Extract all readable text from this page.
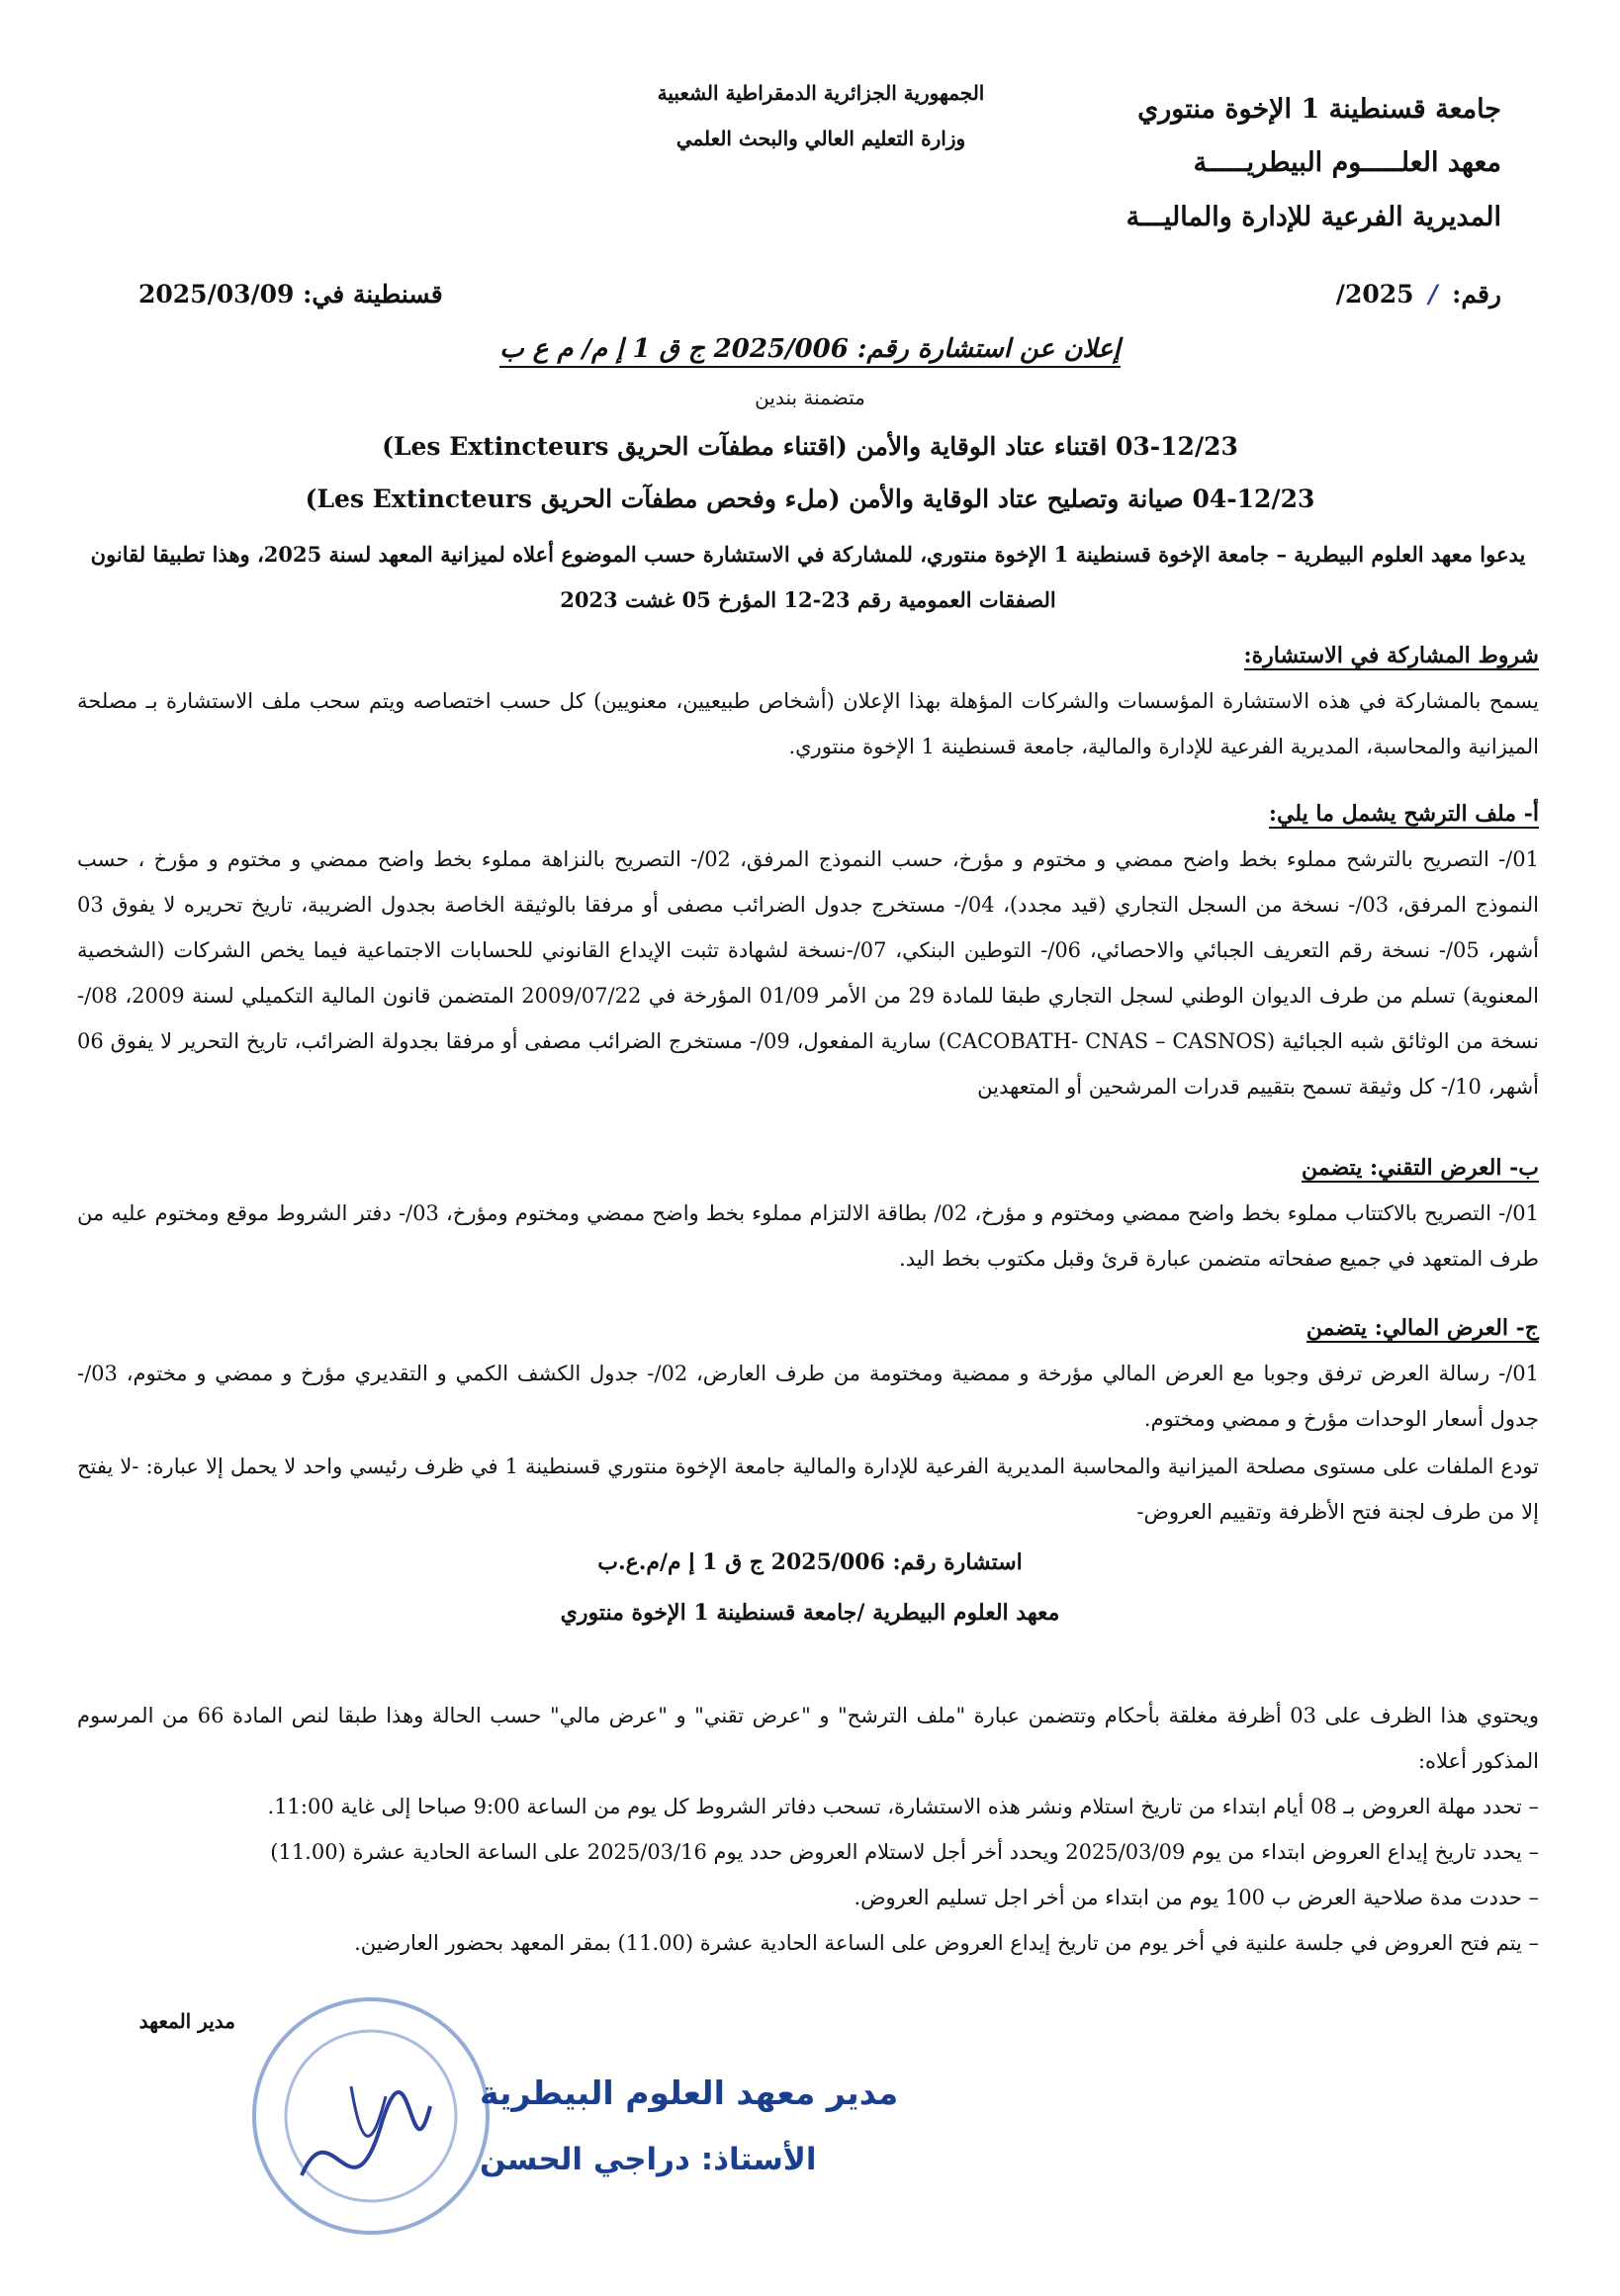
جامعة قسنطينة 1 الإخوة منتوري
معهد العلـــــوم البيطريـــــة
المديرية الفرعية للإدارة والماليـــة
الجمهورية الجزائرية الدمقراطية الشعبية
وزارة التعليم العالي والبحث العلمي
رقم: / 2025/
قسنطينة في: 2025/03/09
إعلان عن استشارة رقم: 2025/006 ج ق 1 إ م/ م ع ب
متضمنة بندين
03-12/23 اقتناء عتاد الوقاية والأمن (اقتناء مطفآت الحريق Les Extincteurs)
04-12/23 صيانة وتصليح عتاد الوقاية والأمن (ملء وفحص مطفآت الحريق Les Extincteurs)
يدعوا معهد العلوم البيطرية – جامعة الإخوة قسنطينة 1 الإخوة منتوري، للمشاركة في الاستشارة حسب الموضوع أعلاه لميزانية المعهد لسنة 2025، وهذا تطبيقا لقانون الصفقات العمومية رقم 23-12 المؤرخ 05 غشت 2023
شروط المشاركة في الاستشارة:
يسمح بالمشاركة في هذه الاستشارة المؤسسات والشركات المؤهلة بهذا الإعلان (أشخاص طبيعيين، معنويين) كل حسب اختصاصه ويتم سحب ملف الاستشارة بـ مصلحة الميزانية والمحاسبة، المديرية الفرعية للإدارة والمالية، جامعة قسنطينة 1 الإخوة منتوري.
أ- ملف الترشح يشمل ما يلي:
01/- التصريح بالترشح مملوء بخط واضح ممضي و مختوم و مؤرخ، حسب النموذج المرفق، 02/- التصريح بالنزاهة مملوء بخط واضح ممضي و مختوم و مؤرخ ، حسب النموذج المرفق، 03/- نسخة من السجل التجاري (قيد مجدد)، 04/- مستخرج جدول الضرائب مصفى أو مرفقا بالوثيقة الخاصة بجدول الضريبة، تاريخ تحريره لا يفوق 03 أشهر، 05/- نسخة رقم التعريف الجبائي والاحصائي، 06/- التوطين البنكي، 07/-نسخة لشهادة تثبت الإيداع القانوني للحسابات الاجتماعية فيما يخص الشركات (الشخصية المعنوية) تسلم من طرف الديوان الوطني لسجل التجاري طبقا للمادة 29 من الأمر 01/09 المؤرخة في 2009/07/22 المتضمن قانون المالية التكميلي لسنة 2009، 08/- نسخة من الوثائق شبه الجبائية (CACOBATH- CNAS – CASNOS) سارية المفعول، 09/- مستخرج الضرائب مصفى أو مرفقا بجدولة الضرائب، تاريخ التحرير لا يفوق 06 أشهر، 10/- كل وثيقة تسمح بتقييم قدرات المرشحين أو المتعهدين
ب- العرض التقني: يتضمن
01/- التصريح بالاكتتاب مملوء بخط واضح ممضي ومختوم و مؤرخ، 02/ بطاقة الالتزام مملوء بخط واضح ممضي ومختوم ومؤرخ، 03/- دفتر الشروط موقع ومختوم عليه من طرف المتعهد في جميع صفحاته متضمن عبارة قرئ وقبل مكتوب بخط اليد.
ج- العرض المالي: يتضمن
01/- رسالة العرض ترفق وجوبا مع العرض المالي مؤرخة و ممضية ومختومة من طرف العارض، 02/- جدول الكشف الكمي و التقديري مؤرخ و ممضي و مختوم، 03/- جدول أسعار الوحدات مؤرخ و ممضي ومختوم.
تودع الملفات على مستوى مصلحة الميزانية والمحاسبة المديرية الفرعية للإدارة والمالية جامعة الإخوة منتوري قسنطينة 1 في ظرف رئيسي واحد لا يحمل إلا عبارة: -لا يفتح إلا من طرف لجنة فتح الأظرفة وتقييم العروض-
استشارة رقم: 2025/006 ج ق 1 إ م/م.ع.ب
معهد العلوم البيطرية /جامعة قسنطينة 1 الإخوة منتوري
ويحتوي هذا الظرف على 03 أظرفة مغلقة بأحكام وتتضمن عبارة "ملف الترشح" و "عرض تقني" و "عرض مالي" حسب الحالة وهذا طبقا لنص المادة 66 من المرسوم المذكور أعلاه:
– تحدد مهلة العروض بـ 08 أيام ابتداء من تاريخ استلام ونشر هذه الاستشارة، تسحب دفاتر الشروط كل يوم من الساعة 9:00 صباحا إلى غاية 11:00.
– يحدد تاريخ إيداع العروض ابتداء من يوم 2025/03/09 ويحدد أخر أجل لاستلام العروض حدد يوم 2025/03/16 على الساعة الحادية عشرة (11.00)
– حددت مدة صلاحية العرض ب 100 يوم من ابتداء من أخر اجل تسليم العروض.
– يتم فتح العروض في جلسة علنية في أخر يوم من تاريخ إيداع العروض على الساعة الحادية عشرة (11.00) بمقر المعهد بحضور العارضين.
مدير المعهد
مدير معهد العلوم البيطرية
الأستاذ: دراجي الحسن
